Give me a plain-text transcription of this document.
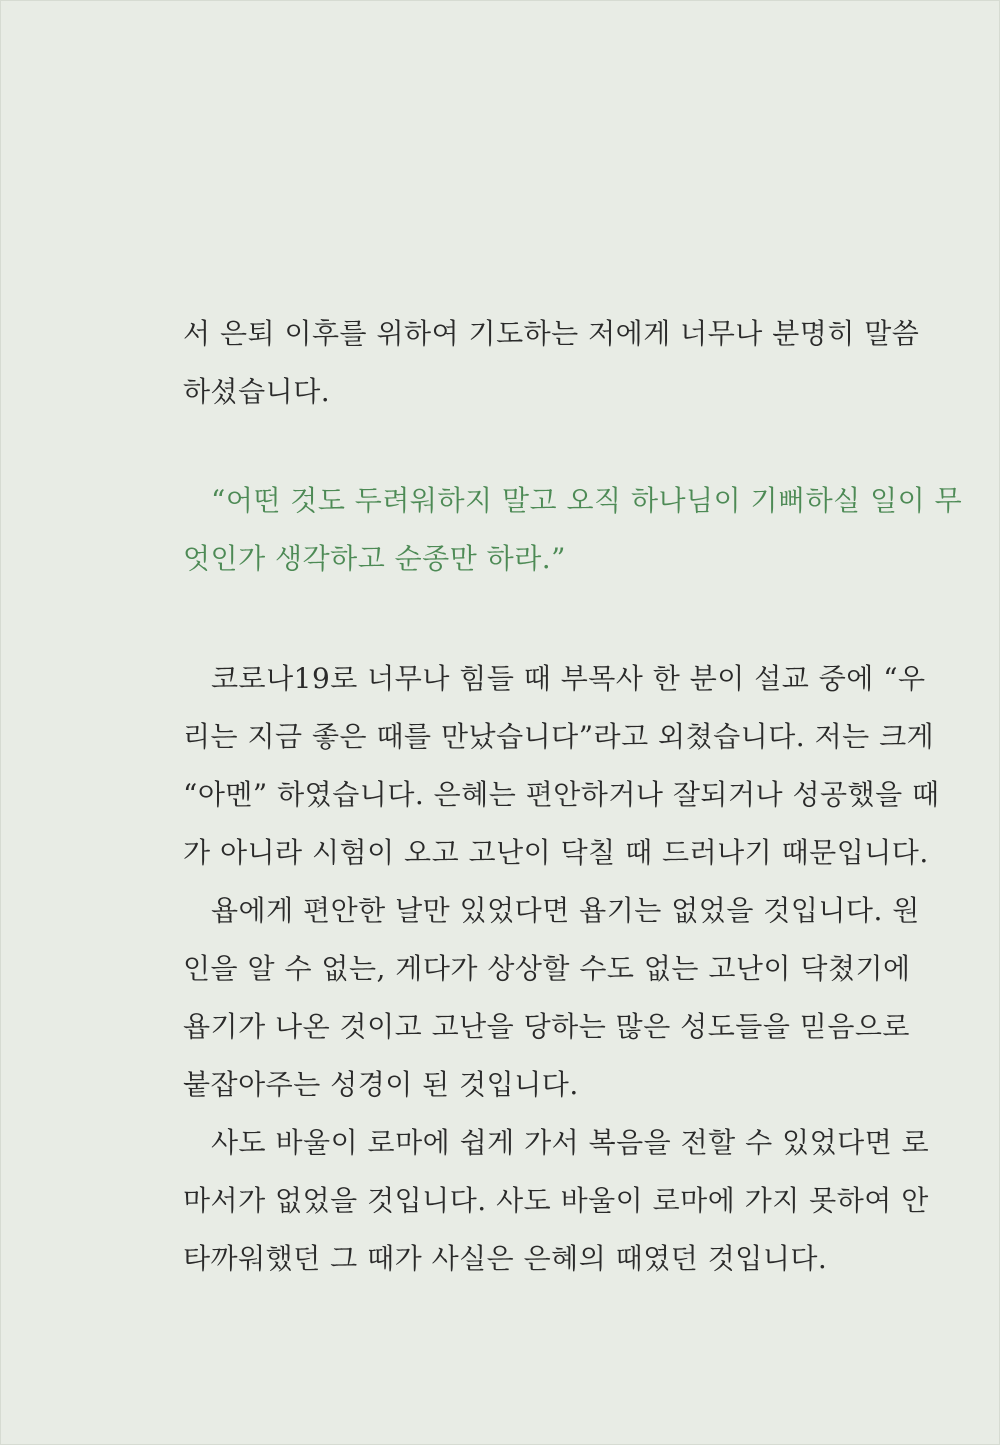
서 은퇴 이후를 위하여 기도하는 저에게 너무나 분명히 말씀
하셨습니다.
“어떤 것도 두려워하지 말고 오직 하나님이 기뻐하실 일이 무
엇인가 생각하고 순종만 하라.”
코로나19로 너무나 힘들 때 부목사 한 분이 설교 중에 “우
리는 지금 좋은 때를 만났습니다”라고 외쳤습니다. 저는 크게
“아멘” 하였습니다. 은혜는 편안하거나 잘되거나 성공했을 때
가 아니라 시험이 오고 고난이 닥칠 때 드러나기 때문입니다.
욥에게 편안한 날만 있었다면 욥기는 없었을 것입니다. 원
인을 알 수 없는, 게다가 상상할 수도 없는 고난이 닥쳤기에
욥기가 나온 것이고 고난을 당하는 많은 성도들을 믿음으로
붙잡아주는 성경이 된 것입니다.
사도 바울이 로마에 쉽게 가서 복음을 전할 수 있었다면 로
마서가 없었을 것입니다. 사도 바울이 로마에 가지 못하여 안
타까워했던 그 때가 사실은 은혜의 때였던 것입니다.
